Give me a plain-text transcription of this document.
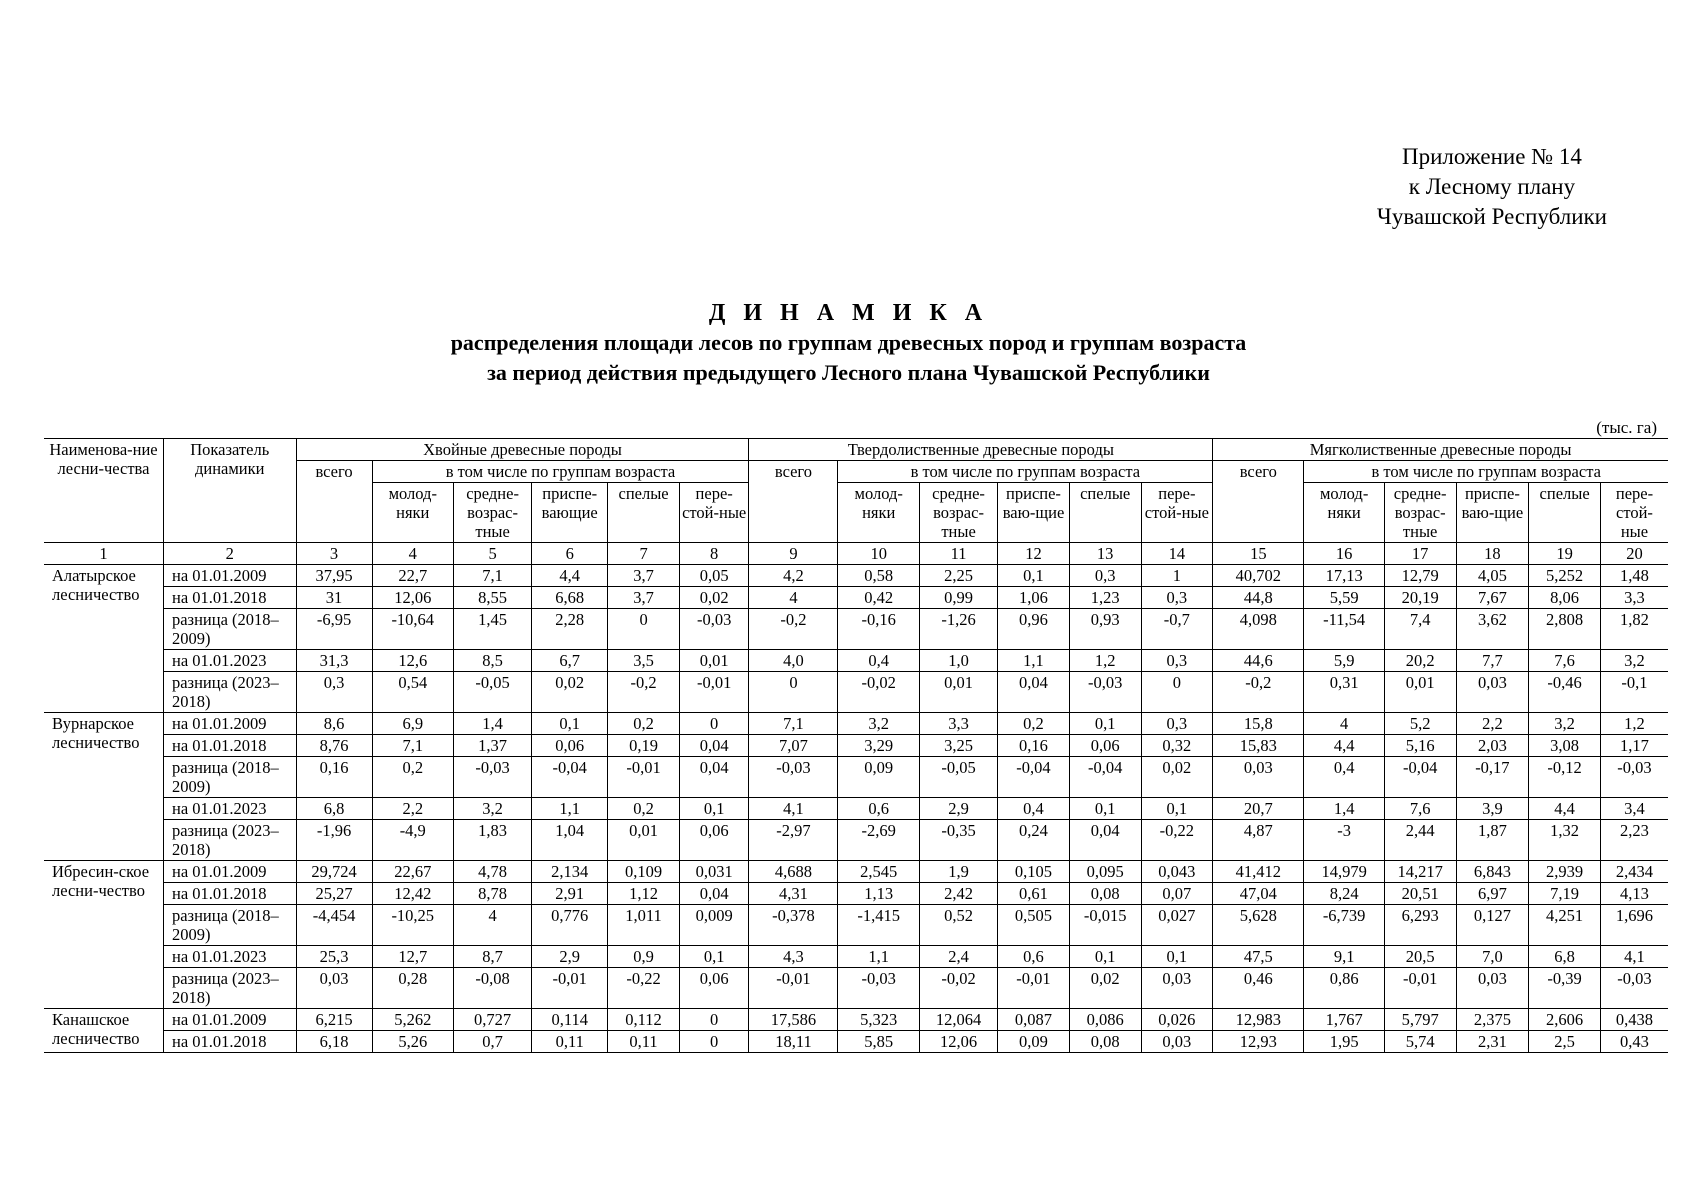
Приложение № 14
к Лесному плану
Чувашской Республики
Д И Н А М И К А
распределения площади лесов по группам древесных пород и группам возраста
за период действия предыдущего Лесного плана Чувашской Республики
(тыс. га)
Наименова-ние лесни-чества	Показатель динамики	Хвойные древесные породы						Твердолиственные древесные породы						Мягколиственные древесные породы					
		всего	в том числе по группам возраста					всего	в том числе по группам возраста					всего	в том числе по группам возраста				
			молод-няки	средне-возрас-тные	приспе-вающие	спелые	пере-стой-ные		молод-няки	средне-возрас-тные	приспе-ваю-щие	спелые	пере-стой-ные		молод-няки	средне-возрас-тные	приспе-ваю-щие	спелые	пере-стой-ные
1	2	3	4	5	6	7	8	9	10	11	12	13	14	15	16	17	18	19	20
Алатырское лесничество	на 01.01.2009	37,95	22,7	7,1	4,4	3,7	0,05	4,2	0,58	2,25	0,1	0,3	1	40,702	17,13	12,79	4,05	5,252	1,48
	на 01.01.2018	31	12,06	8,55	6,68	3,7	0,02	4	0,42	0,99	1,06	1,23	0,3	44,8	5,59	20,19	7,67	8,06	3,3
	разница (2018–2009)	-6,95	-10,64	1,45	2,28	0	-0,03	-0,2	-0,16	-1,26	0,96	0,93	-0,7	4,098	-11,54	7,4	3,62	2,808	1,82
	на 01.01.2023	31,3	12,6	8,5	6,7	3,5	0,01	4,0	0,4	1,0	1,1	1,2	0,3	44,6	5,9	20,2	7,7	7,6	3,2
	разница (2023–2018)	0,3	0,54	-0,05	0,02	-0,2	-0,01	0	-0,02	0,01	0,04	-0,03	0	-0,2	0,31	0,01	0,03	-0,46	-0,1
Вурнарское лесничество	на 01.01.2009	8,6	6,9	1,4	0,1	0,2	0	7,1	3,2	3,3	0,2	0,1	0,3	15,8	4	5,2	2,2	3,2	1,2
	на 01.01.2018	8,76	7,1	1,37	0,06	0,19	0,04	7,07	3,29	3,25	0,16	0,06	0,32	15,83	4,4	5,16	2,03	3,08	1,17
	разница (2018–2009)	0,16	0,2	-0,03	-0,04	-0,01	0,04	-0,03	0,09	-0,05	-0,04	-0,04	0,02	0,03	0,4	-0,04	-0,17	-0,12	-0,03
	на 01.01.2023	6,8	2,2	3,2	1,1	0,2	0,1	4,1	0,6	2,9	0,4	0,1	0,1	20,7	1,4	7,6	3,9	4,4	3,4
	разница (2023–2018)	-1,96	-4,9	1,83	1,04	0,01	0,06	-2,97	-2,69	-0,35	0,24	0,04	-0,22	4,87	-3	2,44	1,87	1,32	2,23
Ибресин-ское лесни-чество	на 01.01.2009	29,724	22,67	4,78	2,134	0,109	0,031	4,688	2,545	1,9	0,105	0,095	0,043	41,412	14,979	14,217	6,843	2,939	2,434
	на 01.01.2018	25,27	12,42	8,78	2,91	1,12	0,04	4,31	1,13	2,42	0,61	0,08	0,07	47,04	8,24	20,51	6,97	7,19	4,13
	разница (2018–2009)	-4,454	-10,25	4	0,776	1,011	0,009	-0,378	-1,415	0,52	0,505	-0,015	0,027	5,628	-6,739	6,293	0,127	4,251	1,696
	на 01.01.2023	25,3	12,7	8,7	2,9	0,9	0,1	4,3	1,1	2,4	0,6	0,1	0,1	47,5	9,1	20,5	7,0	6,8	4,1
	разница (2023–2018)	0,03	0,28	-0,08	-0,01	-0,22	0,06	-0,01	-0,03	-0,02	-0,01	0,02	0,03	0,46	0,86	-0,01	0,03	-0,39	-0,03
Канашское лесничество	на 01.01.2009	6,215	5,262	0,727	0,114	0,112	0	17,586	5,323	12,064	0,087	0,086	0,026	12,983	1,767	5,797	2,375	2,606	0,438
	на 01.01.2018	6,18	5,26	0,7	0,11	0,11	0	18,11	5,85	12,06	0,09	0,08	0,03	12,93	1,95	5,74	2,31	2,5	0,43
